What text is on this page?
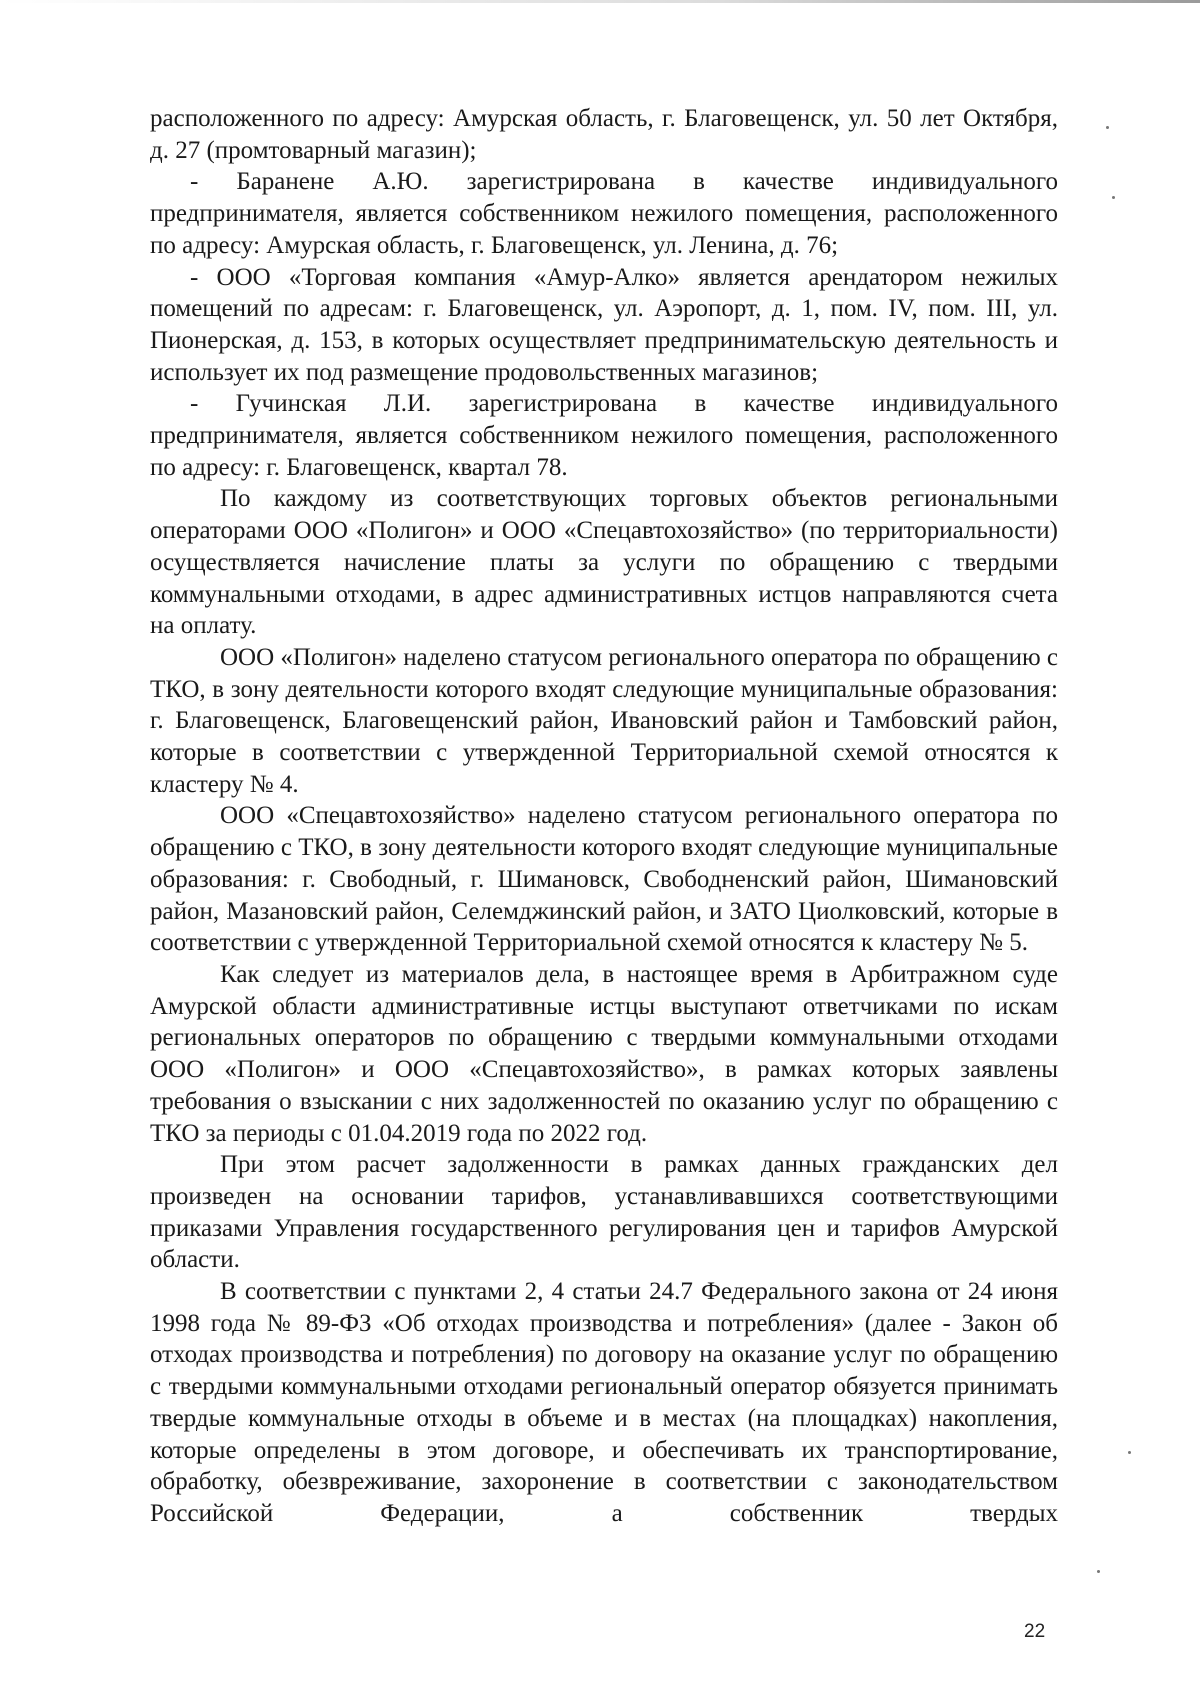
расположенного по адресу: Амурская область, г. Благовещенск, ул. 50 лет Октября, д. 27 (промтоварный магазин);

- Баранене А.Ю. зарегистрирована в качестве индивидуального предпринимателя, является собственником нежилого помещения, расположенного по адресу: Амурская область, г. Благовещенск, ул. Ленина, д. 76;

- ООО «Торговая компания «Амур-Алко» является арендатором нежилых помещений по адресам: г. Благовещенск, ул. Аэропорт, д. 1, пом. IV, пом. III, ул. Пионерская, д. 153, в которых осуществляет предпринимательскую деятельность и использует их под размещение продовольственных магазинов;

- Гучинская Л.И. зарегистрирована в качестве индивидуального предпринимателя, является собственником нежилого помещения, расположенного по адресу: г. Благовещенск, квартал 78.

По каждому из соответствующих торговых объектов региональными операторами ООО «Полигон» и ООО «Спецавтохозяйство» (по территориальности) осуществляется начисление платы за услуги по обращению с твердыми коммунальными отходами, в адрес административных истцов направляются счета на оплату.

ООО «Полигон» наделено статусом регионального оператора по обращению с ТКО, в зону деятельности которого входят следующие муниципальные образования: г. Благовещенск, Благовещенский район, Ивановский район и Тамбовский район, которые в соответствии с утвержденной Территориальной схемой относятся к кластеру № 4.

ООО «Спецавтохозяйство» наделено статусом регионального оператора по обращению с ТКО, в зону деятельности которого входят следующие муниципальные образования: г. Свободный, г. Шимановск, Свободненский район, Шимановский район, Мазановский район, Селемджинский район, и ЗАТО Циолковский, которые в соответствии с утвержденной Территориальной схемой относятся к кластеру № 5.

Как следует из материалов дела, в настоящее время в Арбитражном суде Амурской области административные истцы выступают ответчиками по искам региональных операторов по обращению с твердыми коммунальными отходами ООО «Полигон» и ООО «Спецавтохозяйство», в рамках которых заявлены требования о взыскании с них задолженностей по оказанию услуг по обращению с ТКО за периоды с 01.04.2019 года по 2022 год.

При этом расчет задолженности в рамках данных гражданских дел произведен на основании тарифов, устанавливавшихся соответствующими приказами Управления государственного регулирования цен и тарифов Амурской области.

В соответствии с пунктами 2, 4 статьи 24.7 Федерального закона от 24 июня 1998 года № 89-ФЗ «Об отходах производства и потребления» (далее - Закон об отходах производства и потребления) по договору на оказание услуг по обращению с твердыми коммунальными отходами региональный оператор обязуется принимать твердые коммунальные отходы в объеме и в местах (на площадках) накопления, которые определены в этом договоре, и обеспечивать их транспортирование, обработку, обезвреживание, захоронение в соответствии с законодательством Российской Федерации, а собственник твердых

22
